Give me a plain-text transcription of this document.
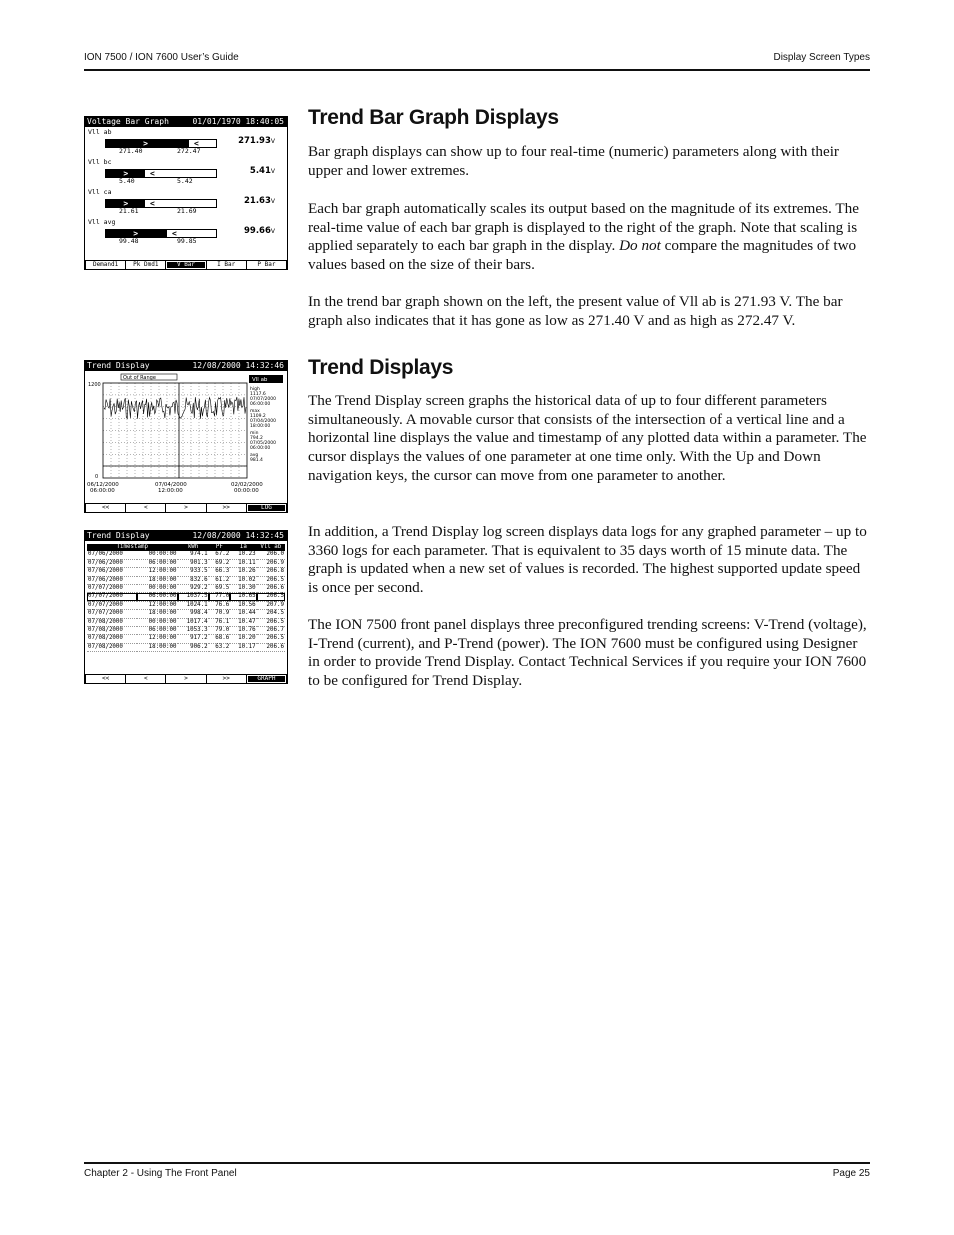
ION 7500 / ION 7600 User’s Guide	Display Screen Types
Trend Bar Graph Displays

Bar graph displays can show up to four real-time (numeric) parameters along with their upper and lower extremes.

Each bar graph automatically scales its output based on the magnitude of its extremes. The real-time value of each bar graph is displayed to the right of the graph. Note that scaling is applied separately to each bar graph in the display. Do not compare the magnitudes of two values based on the size of their bars.

In the trend bar graph shown on the left, the present value of Vll ab is 271.93 V. The bar graph also indicates that it has gone as low as 271.40 V and as high as 272.47 V.

Voltage Bar Graph	01/01/1970 18:40:05
Vll ab
>	<
271.40	272.47
271.93V
Vll bc
>	<
5.40	5.42
5.41V
Vll ca
>	<
21.61	21.69
21.63V
Vll avg
>	<
99.48	99.85
99.66V
Demand1	Pk Dmd1	V Bar	I Bar	P Bar
Trend Displays

The Trend Display screen graphs the historical data of up to four different parameters simultaneously. A movable cursor that consists of the intersection of a vertical line and a horizontal line displays the value and timestamp of any plotted data within a parameter. The cursor displays the values of one parameter at one time only. With the Up and Down navigation keys, the cursor can move from one parameter to another.

In addition, a Trend Display log screen displays data logs for any graphed parameter – up to 3360 logs for each parameter. That is equivalent to 35 days worth of 15 minute data. The graph is updated when a new set of values is recorded. The highest supported update speed is once per second.

The ION 7500 front panel displays three preconfigured trending screens: V-Trend (voltage), I-Trend (current), and P-Trend (power). The ION 7600 must be configured using Designer in order to provide Trend Display. Contact Technical Services if you require your ION 7600 to be configured for Trend Display.

Trend Display	12/08/2000 14:32:46
Out of Range
1200
0
Vll ab
high
1117.6
07/07/2000
06:00:00
max
1109.2
07/04/2000
18:00:00
min
794.2
07/05/2000
06:00:00
avg
981.4
06/12/2000
06:00:00
07/04/2000
12:00:00
02/02/2000
00:00:00
<<	<	>	>>	LOG
Trend Display	12/08/2000 14:32:45
Timestamp		kWh	PF	Ia	Vll ab
07/06/2000	00:00:00	974.1	67.2	10.23	206.0
07/06/2000	06:00:00	901.3	69.2	10.11	206.9
07/06/2000	12:00:00	933.5	66.3	10.26	206.8
07/06/2000	18:00:00	832.6	61.2	10.02	206.5
07/07/2000	00:00:00	929.2	69.5	10.30	206.6
07/07/2000	06:00:00	1037.5	77.0	10.65	206.5
07/07/2000	12:00:00	1024.1	76.6	10.56	207.9
07/07/2000	18:00:00	998.4	70.9	10.44	204.5
07/08/2000	00:00:00	1017.4	76.1	10.47	206.5
07/08/2000	06:00:00	1053.3	79.0	10.76	206.7
07/08/2000	12:00:00	917.2	68.6	10.20	206.5
07/08/2000	18:00:00	906.2	63.2	10.17	206.6
<<	<	>	>>	GRAPH
Chapter 2 - Using The Front Panel	Page 25
